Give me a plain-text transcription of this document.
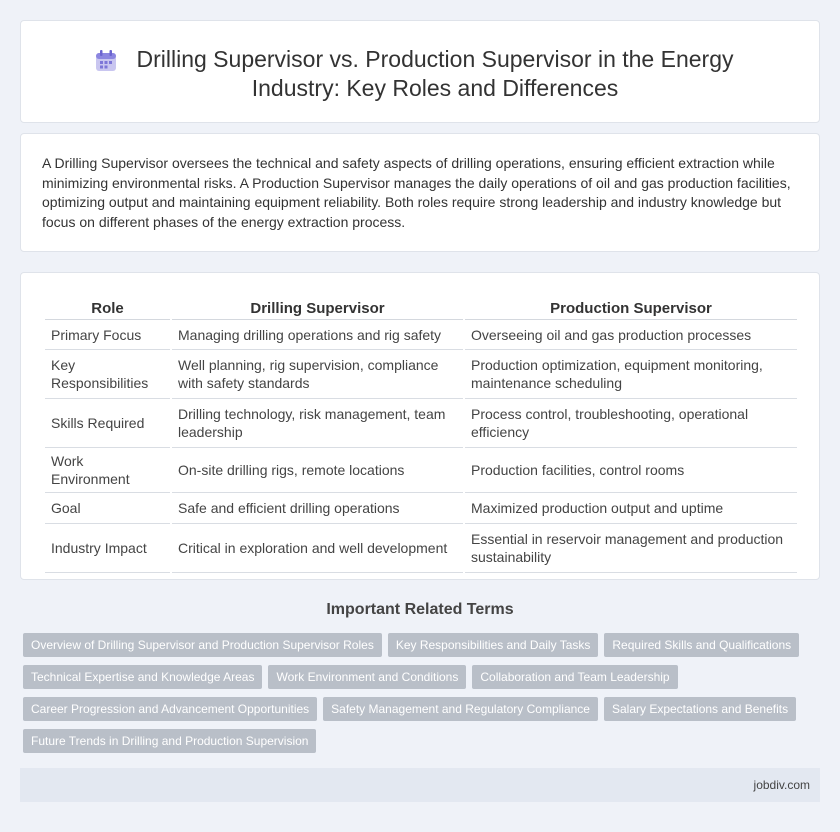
Drilling Supervisor vs. Production Supervisor in the Energy Industry: Key Roles and Differences

A Drilling Supervisor oversees the technical and safety aspects of drilling operations, ensuring efficient extraction while minimizing environmental risks. A Production Supervisor manages the daily operations of oil and gas production facilities, optimizing output and maintaining equipment reliability. Both roles require strong leadership and industry knowledge but focus on different phases of the energy extraction process.

Role	Drilling Supervisor	Production Supervisor
Primary Focus	Managing drilling operations and rig safety	Overseeing oil and gas production processes
Key Responsibilities	Well planning, rig supervision, compliance with safety standards	Production optimization, equipment monitoring, maintenance scheduling
Skills Required	Drilling technology, risk management, team leadership	Process control, troubleshooting, operational efficiency
Work Environment	On-site drilling rigs, remote locations	Production facilities, control rooms
Goal	Safe and efficient drilling operations	Maximized production output and uptime
Industry Impact	Critical in exploration and well development	Essential in reservoir management and production sustainability
Important Related Terms
Overview of Drilling Supervisor and Production Supervisor Roles	Key Responsibilities and Daily Tasks	Required Skills and Qualifications
Technical Expertise and Knowledge Areas	Work Environment and Conditions	Collaboration and Team Leadership
Career Progression and Advancement Opportunities	Safety Management and Regulatory Compliance	Salary Expectations and Benefits
Future Trends in Drilling and Production Supervision
jobdiv.com
